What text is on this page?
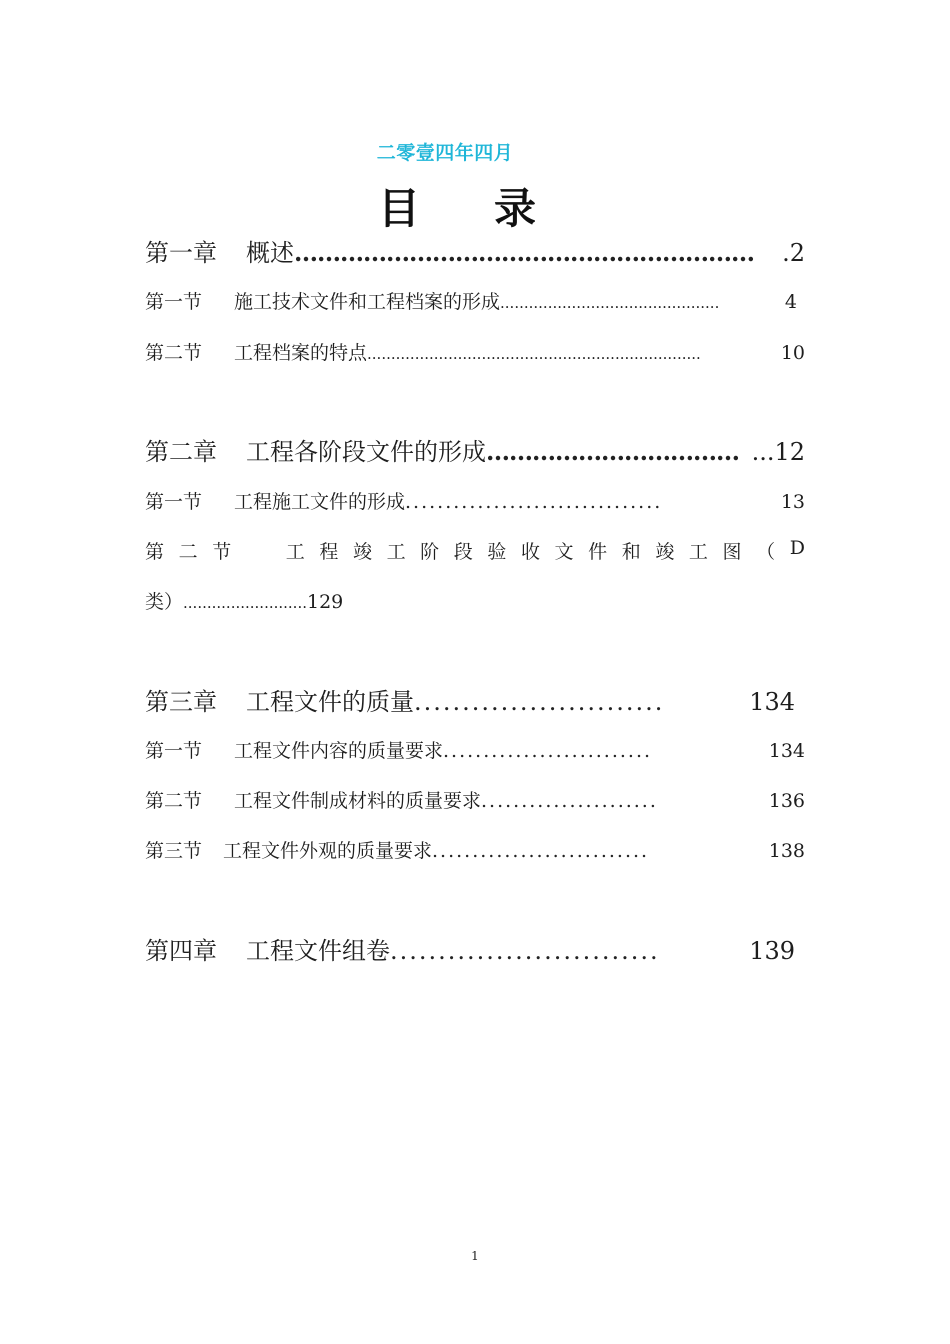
二零壹四年四月
目 录
第一章	概述 ……………………………………………………	.2
第一节	施工技术文件和工程档案的形成 ..............................................	4
第二节	工程档案的特点 ......................................................................	10
第二章	工程各阶段文件的形成 …………………………… ...12
第一节	工程施工文件的形成 ................................	13
第 二 节	工 程 竣 工 阶 段 验 收 文 件 和 竣 工 图 （ D
类）..........................129
第三章	工程文件的质量 ..........................	134
第一节	工程文件内容的质量要求 ..........................	134
第二节	工程文件制成材料的质量要求 ......................	136
第三节	工程文件外观的质量要求 ...........................	138
第四章	工程文件组卷 ............................	139
1
